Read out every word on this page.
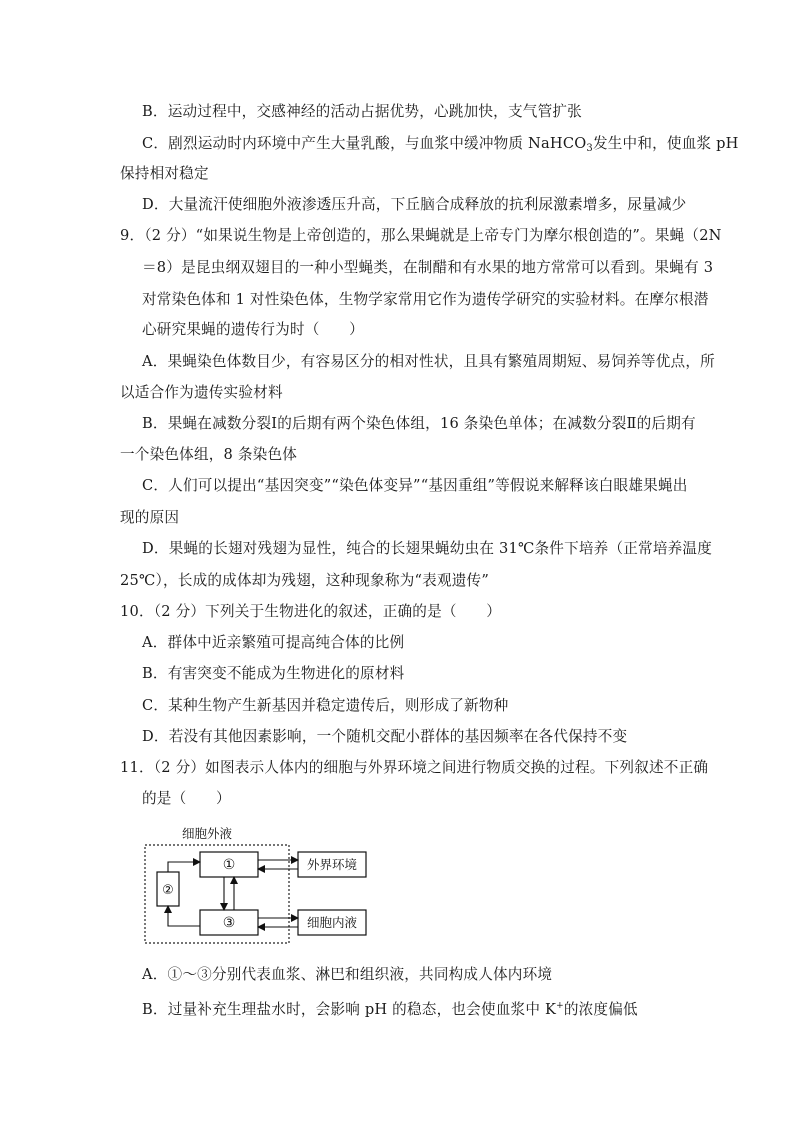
B．运动过程中，交感神经的活动占据优势，心跳加快，支气管扩张
C．剧烈运动时内环境中产生大量乳酸，与血浆中缓冲物质 NaHCO$_3$发生中和，使血浆 pH
保持相对稳定
D．大量流汗使细胞外液渗透压升高，下丘脑合成释放的抗利尿激素增多，尿量减少
9．（2 分）“如果说生物是上帝创造的，那么果蝇就是上帝专门为摩尔根创造的”。果蝇（2N
＝8）是昆虫纲双翅目的一种小型蝇类，在制醋和有水果的地方常常可以看到。果蝇有 3
对常染色体和 1 对性染色体，生物学家常用它作为遗传学研究的实验材料。在摩尔根潜
心研究果蝇的遗传行为时（　　）
A．果蝇染色体数目少，有容易区分的相对性状，且具有繁殖周期短、易饲养等优点，所
以适合作为遗传实验材料
B．果蝇在减数分裂Ⅰ的后期有两个染色体组，16 条染色单体；在减数分裂Ⅱ的后期有
一个染色体组，8 条染色体
C．人们可以提出“基因突变”“染色体变异”“基因重组”等假说来解释该白眼雄果蝇出
现的原因
D．果蝇的长翅对残翅为显性，纯合的长翅果蝇幼虫在 31℃条件下培养（正常培养温度
25℃），长成的成体却为残翅，这种现象称为“表观遗传”
10．（2 分）下列关于生物进化的叙述，正确的是（　　）
A．群体中近亲繁殖可提高纯合体的比例
B．有害突变不能成为生物进化的原材料
C．某种生物产生新基因并稳定遗传后，则形成了新物种
D．若没有其他因素影响，一个随机交配小群体的基因频率在各代保持不变
11．（2 分）如图表示人体内的细胞与外界环境之间进行物质交换的过程。下列叙述不正确
的是（　　）
细胞外液
①
②
③
外界环境
细胞内液
A．①～③分别代表血浆、淋巴和组织液，共同构成人体内环境
B．过量补充生理盐水时，会影响 pH 的稳态，也会使血浆中 K+的浓度偏低
